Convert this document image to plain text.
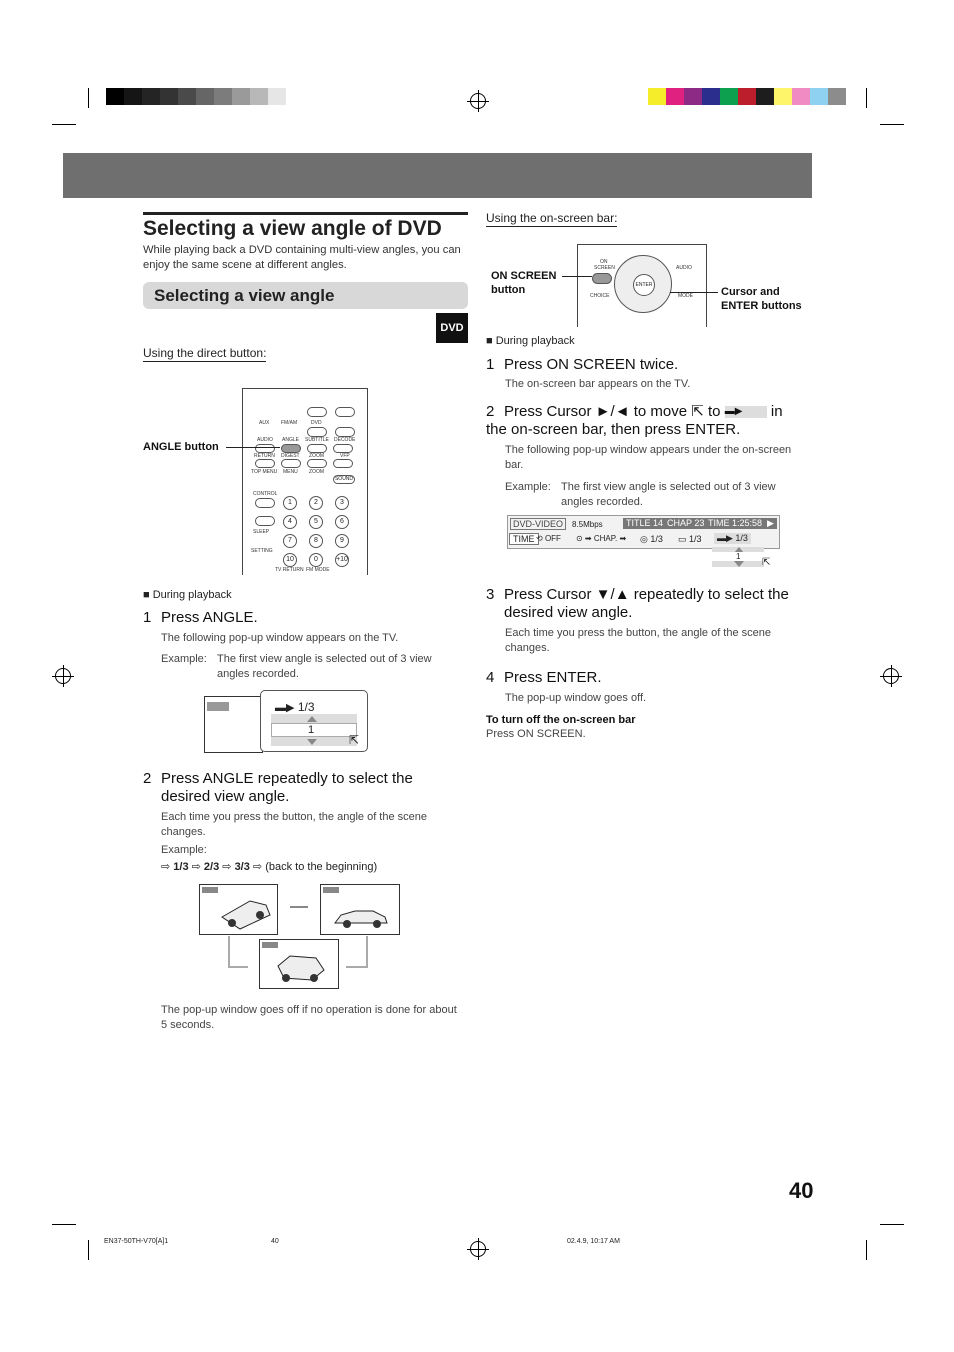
Selecting a view angle of DVD
While playing back a DVD containing multi-view angles, you can enjoy the same scene at different angles.
Selecting a view angle
DVD
Using the direct button:
AUX FM/AM	DVD
AUDIO ANGLE SUBTITLE DECODE
RETURN DIGEST ZOOM	VFP
TOP MENU MENU ZOOM
SOUND
CONTROL
1	2	3
4	5	6
SLEEP
7	8	9
SETTING
10	0	+10
TV RETURN FM MODE
ANGLE button
■ During playback
1 Press ANGLE.
The following pop-up window appears on the TV.
Example: The first view angle is selected out of 3 view angles recorded.
▬▶ 1/3
1
⇱
2 Press ANGLE repeatedly to select the desired view angle.
Each time you press the button, the angle of the scene changes.
Example:
⇨ 1/3 ⇨ 2/3 ⇨ 3/3 ⇨ (back to the beginning)
The pop-up window goes off if no operation is done for about 5 seconds.
Using the on-screen bar:
ON
SCREEN
ENTER
AUDIO
MODE
CHOICE
ON SCREEN
button	Cursor and
ENTER buttons
■ During playback
1 Press ON SCREEN twice.
The on-screen bar appears on the TV.
2 Press Cursor ►/◄ to move ⇱ to ▬▶ in the on-screen bar, then press ENTER.
The following pop-up window appears under the on-screen bar.
Example: The first view angle is selected out of 3 view angles recorded.
DVD-VIDEO	8.5Mbps	TITLE 14 CHAP 23 TIME 1:25:58 ▶
TIME ⟲ OFF ⊙ ➡ CHAP. ➡ ◎ 1/3 ▭ 1/3	▬▶ 1/3
1
⇱
3 Press Cursor ▼/▲ repeatedly to select the desired view angle.
Each time you press the button, the angle of the scene changes.
4 Press ENTER.
The pop-up window goes off.
To turn off the on-screen bar
Press ON SCREEN.
40
EN37-50TH-V70[A]1	40	02.4.9, 10:17 AM
